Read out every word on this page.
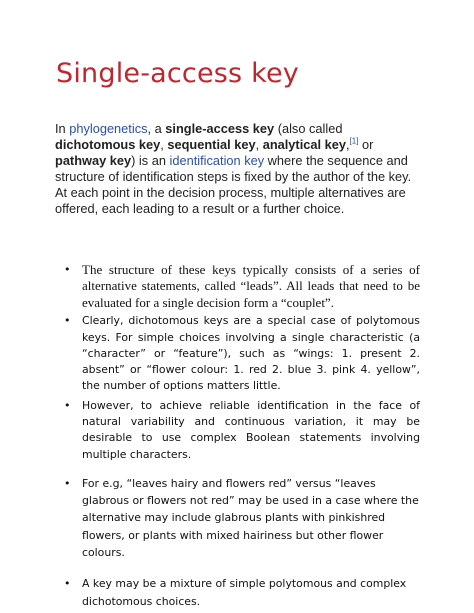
Single-access key

In phylogenetics, a single-access key (also called dichotomous key, sequential key, analytical key,[1] or pathway key) is an identification key where the sequence and structure of identification steps is fixed by the author of the key. At each point in the decision process, multiple alternatives are offered, each leading to a result or a further choice.

• The structure of these keys typically consists of a series of alternative statements, called “leads”. All leads that need to be evaluated for a single decision form a “couplet”.
• Clearly, dichotomous keys are a special case of polytomous keys. For simple choices involving a single characteristic (a “character” or “feature”), such as “wings: 1. present 2. absent” or “flower colour: 1. red 2. blue 3. pink 4. yellow”, the number of options matters little.
• However, to achieve reliable identification in the face of natural variability and continuous variation, it may be desirable to use complex Boolean statements involving multiple characters.
• For e.g, “leaves hairy and flowers red” versus “leaves glabrous or flowers not red” may be used in a case where the alternative may include glabrous plants with pinkishred flowers, or plants with mixed hairiness but other flower colours.
• A key may be a mixture of simple polytomous and complex dichotomous choices.
